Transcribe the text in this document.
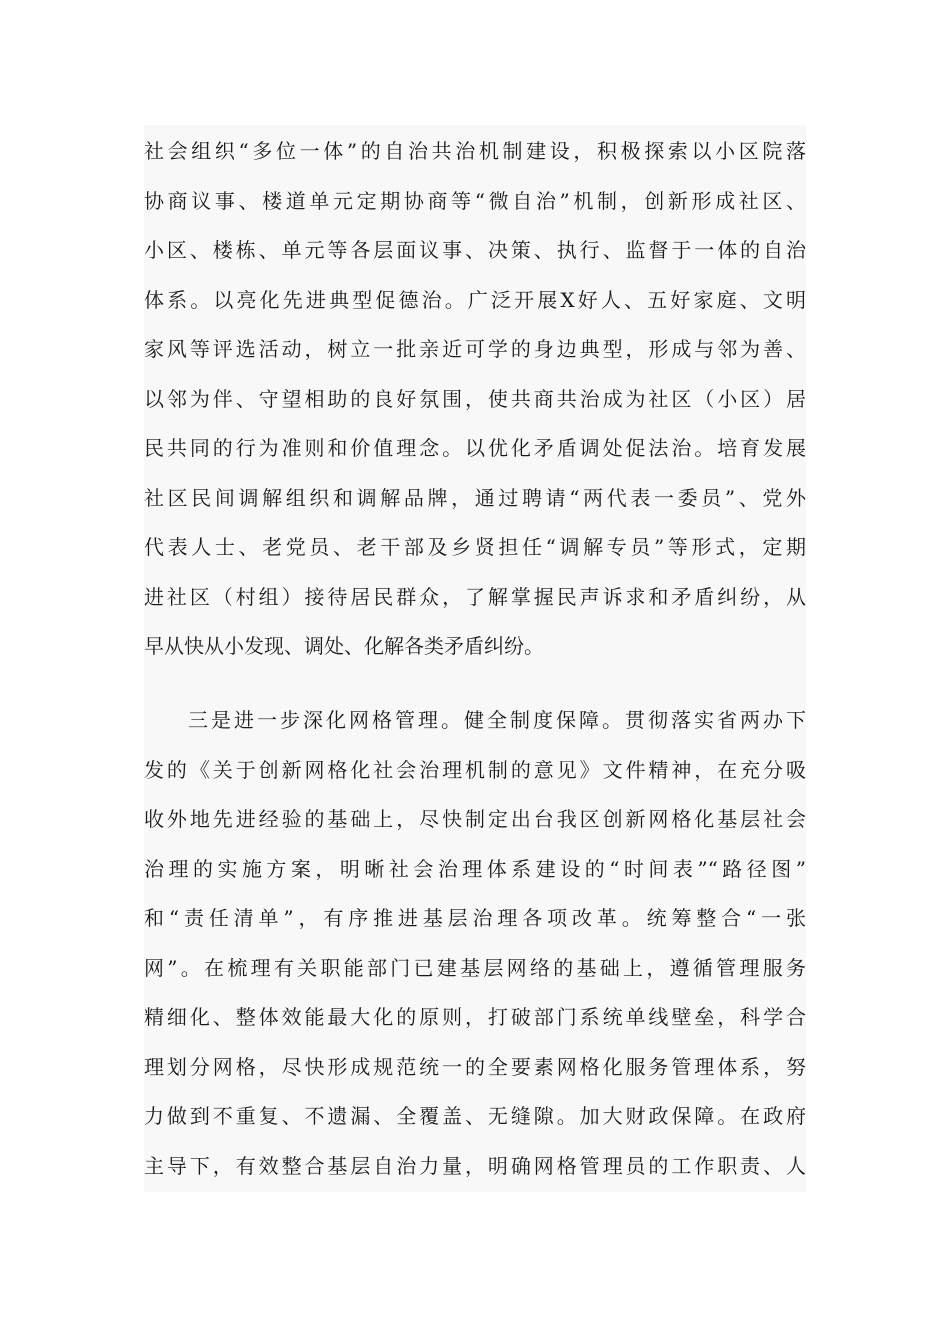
社会组织“多位一体”的自治共治机制建设，积极探索以小区院落
协商议事、楼道单元定期协商等“微自治”机制，创新形成社区、
小区、楼栋、单元等各层面议事、决策、执行、监督于一体的自治
体系。以亮化先进典型促德治。广泛开展X好人、五好家庭、文明
家风等评选活动，树立一批亲近可学的身边典型，形成与邻为善、
以邻为伴、守望相助的良好氛围，使共商共治成为社区（小区）居
民共同的行为准则和价值理念。以优化矛盾调处促法治。培育发展
社区民间调解组织和调解品牌，通过聘请“两代表一委员”、党外
代表人士、老党员、老干部及乡贤担任“调解专员”等形式，定期
进社区（村组）接待居民群众，了解掌握民声诉求和矛盾纠纷，从
早从快从小发现、调处、化解各类矛盾纠纷。

三是进一步深化网格管理。健全制度保障。贯彻落实省两办下
发的《关于创新网格化社会治理机制的意见》文件精神，在充分吸
收外地先进经验的基础上，尽快制定出台我区创新网格化基层社会
治理的实施方案，明晰社会治理体系建设的“时间表”“路径图”
和“责任清单”，有序推进基层治理各项改革。统筹整合“一张
网”。在梳理有关职能部门已建基层网络的基础上，遵循管理服务
精细化、整体效能最大化的原则，打破部门系统单线壁垒，科学合
理划分网格，尽快形成规范统一的全要素网格化服务管理体系，努
力做到不重复、不遗漏、全覆盖、无缝隙。加大财政保障。在政府
主导下，有效整合基层自治力量，明确网格管理员的工作职责、人
